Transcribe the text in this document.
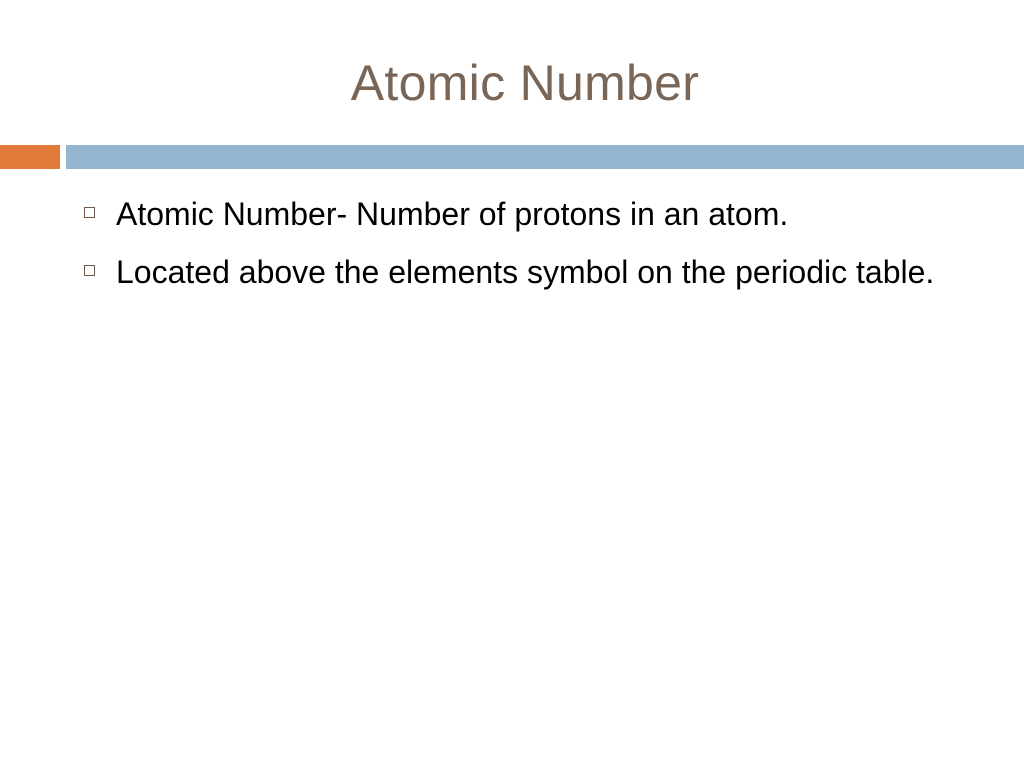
Atomic Number
Atomic Number- Number of protons in an atom.
Located above the elements symbol on the periodic table.
